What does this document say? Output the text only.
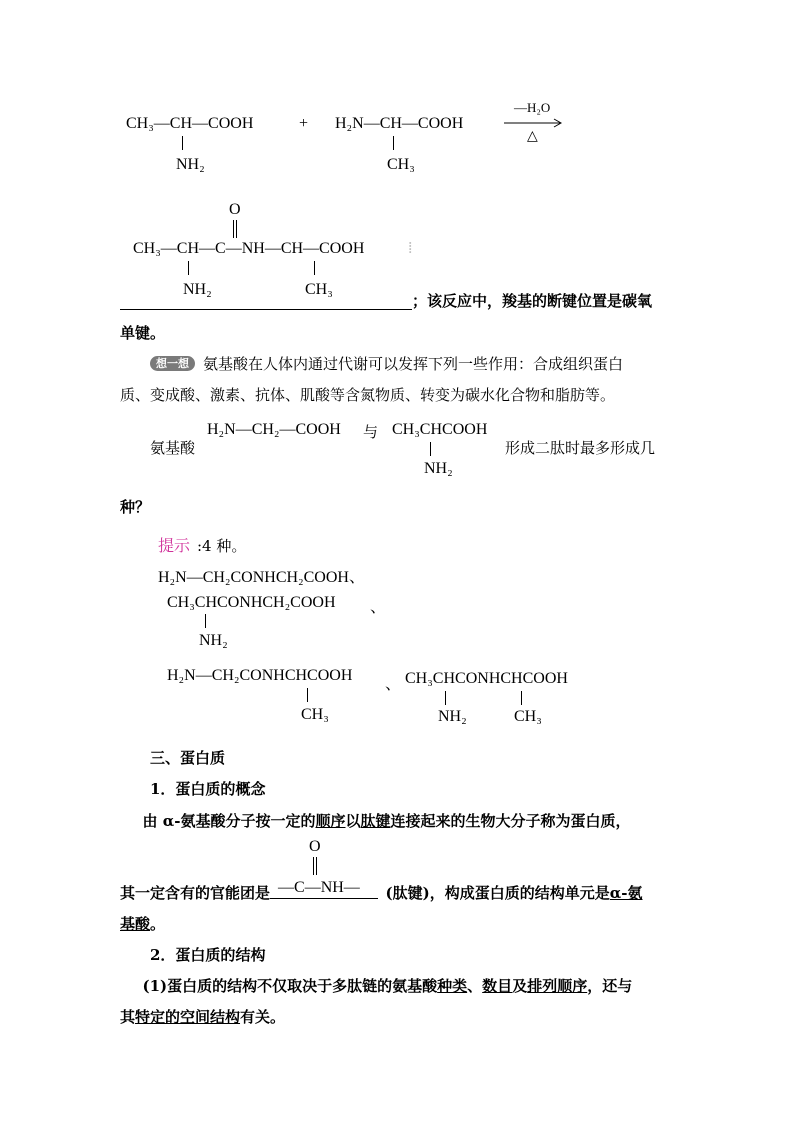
CH₃—CH—COOH
NH₂
+ H₂N—CH—COOH
CH₃
—H₂O
△
O
CH₃—CH—C—NH—CH—COOH	⁞
NH₂	CH₃
；该反应中，羧基的断键位置是碳氧
单键。
想一想 氨基酸在人体内通过代谢可以发挥下列一些作用：合成组织蛋白
质、变成酸、激素、抗体、肌酸等含氮物质、转变为碳水化合物和脂肪等。
氨基酸
H₂N—CH₂—COOH 与 CH₃CHCOOH
NH₂
形成二肽时最多形成几
种？
提示 :4 种。
H₂N—CH₂CONHCH₂COOH、
CH₃CHCONHCH₂COOH 、
NH₂
H₂N—CH₂CONHCHCOOH
CH₃
、 CH₃CHCONHCHCOOH
NH₂	CH₃
三、蛋白质
1．蛋白质的概念
  由 α-氨基酸分子按一定的顺序以肽键连接起来的生物大分子称为蛋白质，
O
其一定含有的官能团是 —C—NH—  (肽键)，构成蛋白质的结构单元是α-氨
基酸。
2．蛋白质的结构
  (1)蛋白质的结构不仅取决于多肽链的氨基酸种类、数目及排列顺序，还与
其特定的空间结构有关。
